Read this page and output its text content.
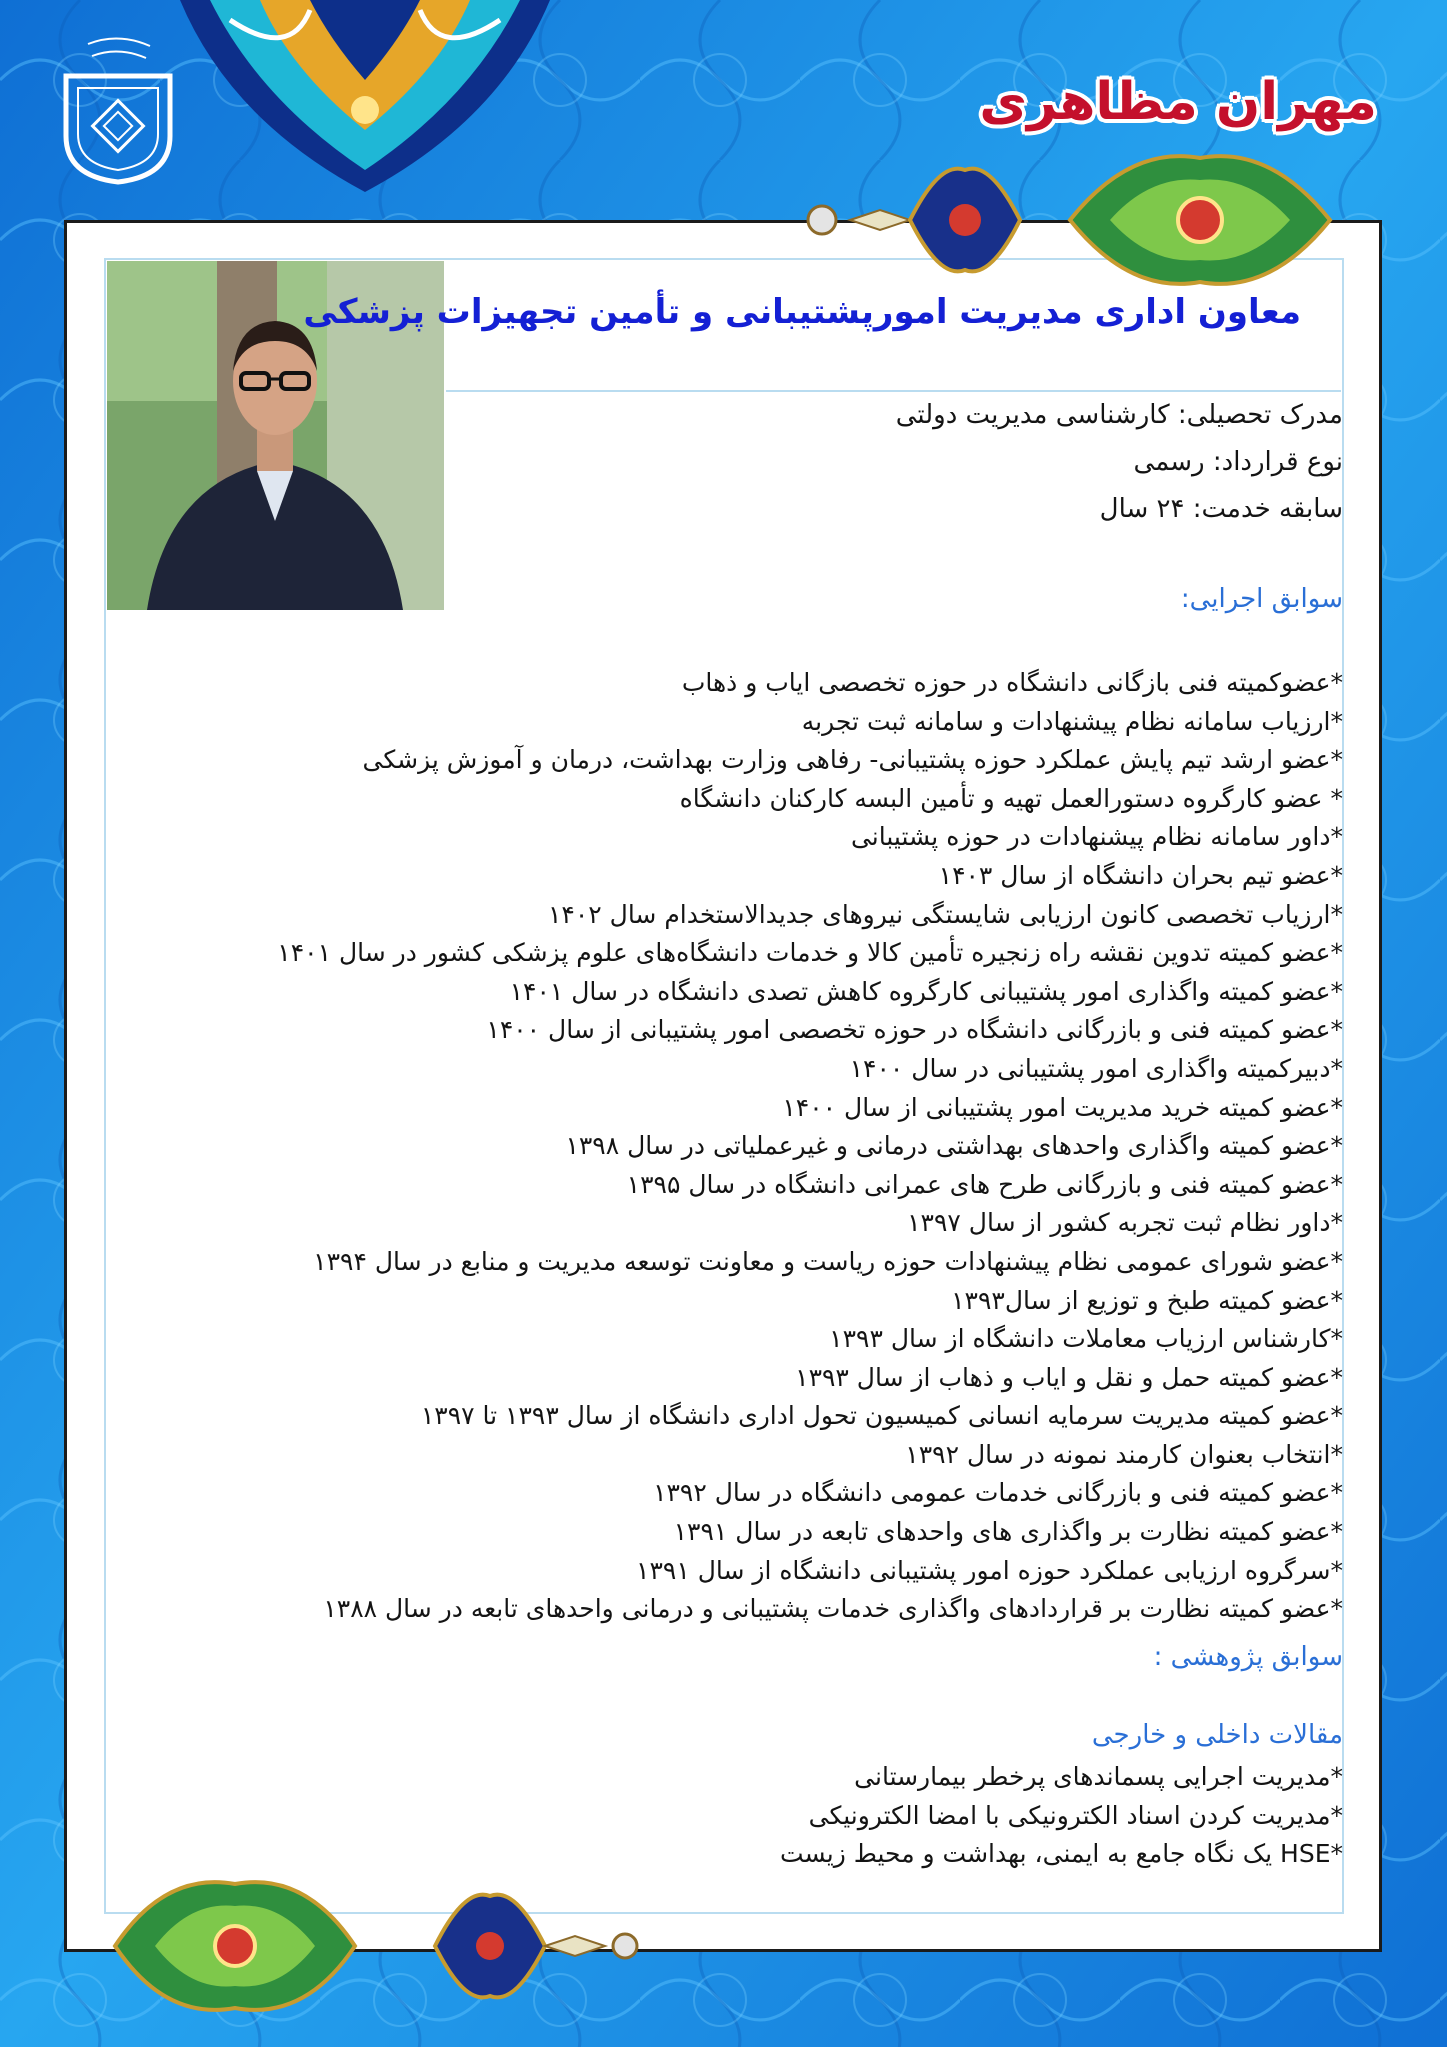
مهران مظاهری
معاون اداری مدیریت امورپشتیبانی و تأمین تجهیزات پزشکی
مدرک تحصیلی: کارشناسی مدیریت دولتی
نوع قرارداد: رسمی
سابقه خدمت: ۲۴ سال
سوابق اجرایی:
*عضوکمیته فنی بازگانی دانشگاه در حوزه تخصصی ایاب و ذهاب
*ارزیاب سامانه نظام پیشنهادات و سامانه ثبت تجربه
*عضو ارشد تیم پایش عملکرد حوزه پشتیبانی- رفاهی وزارت بهداشت، درمان و آموزش پزشکی
* عضو کارگروه دستورالعمل تهیه و تأمین البسه کارکنان دانشگاه
*داور سامانه نظام پیشنهادات در حوزه پشتیبانی
*عضو تیم بحران دانشگاه از سال ۱۴۰۳
*ارزیاب تخصصی کانون ارزیابی شایستگی نیروهای جدیدالاستخدام سال ۱۴۰۲
*عضو کمیته تدوین نقشه راه زنجیره تأمین کالا و خدمات دانشگاه‌های علوم پزشکی کشور در سال ۱۴۰۱
*عضو کمیته واگذاری امور پشتیبانی کارگروه کاهش تصدی دانشگاه در سال ۱۴۰۱
*عضو کمیته فنی و بازرگانی دانشگاه در حوزه تخصصی امور پشتیبانی از سال ۱۴۰۰
*دبیرکمیته واگذاری امور پشتیبانی در سال ۱۴۰۰
*عضو کمیته خرید مدیریت امور پشتیبانی از سال ۱۴۰۰
*عضو کمیته واگذاری واحدهای بهداشتی درمانی و غیرعملیاتی در سال ۱۳۹۸
*عضو کمیته فنی و بازرگانی طرح های عمرانی دانشگاه در سال ۱۳۹۵
*داور نظام ثبت تجربه کشور از سال ۱۳۹۷
*عضو شورای عمومی نظام پیشنهادات حوزه ریاست و معاونت توسعه مدیریت و منابع در سال ۱۳۹۴
*عضو کمیته طبخ و توزیع از سال۱۳۹۳
*کارشناس ارزیاب معاملات دانشگاه از سال ۱۳۹۳
*عضو کمیته حمل و نقل و ایاب و ذهاب از سال ۱۳۹۳
*عضو کمیته مدیریت سرمایه انسانی کمیسیون تحول اداری دانشگاه از سال ۱۳۹۳ تا ۱۳۹۷
*انتخاب بعنوان کارمند نمونه در سال ۱۳۹۲
*عضو کمیته فنی و بازرگانی خدمات عمومی دانشگاه در سال ۱۳۹۲
*عضو کمیته نظارت بر واگذاری های واحدهای تابعه در سال ۱۳۹۱
*سرگروه ارزیابی عملکرد حوزه امور پشتیبانی دانشگاه از سال ۱۳۹۱
*عضو کمیته نظارت بر قراردادهای واگذاری خدمات پشتیبانی و درمانی واحدهای تابعه در سال ۱۳۸۸
سوابق پژوهشی :
مقالات داخلی و خارجی
*مدیریت اجرایی پسماندهای پرخطر بیمارستانی
*مدیریت کردن اسناد الکترونیکی با امضا الکترونیکی
*HSE یک نگاه جامع به ایمنی، بهداشت و محیط زیست
